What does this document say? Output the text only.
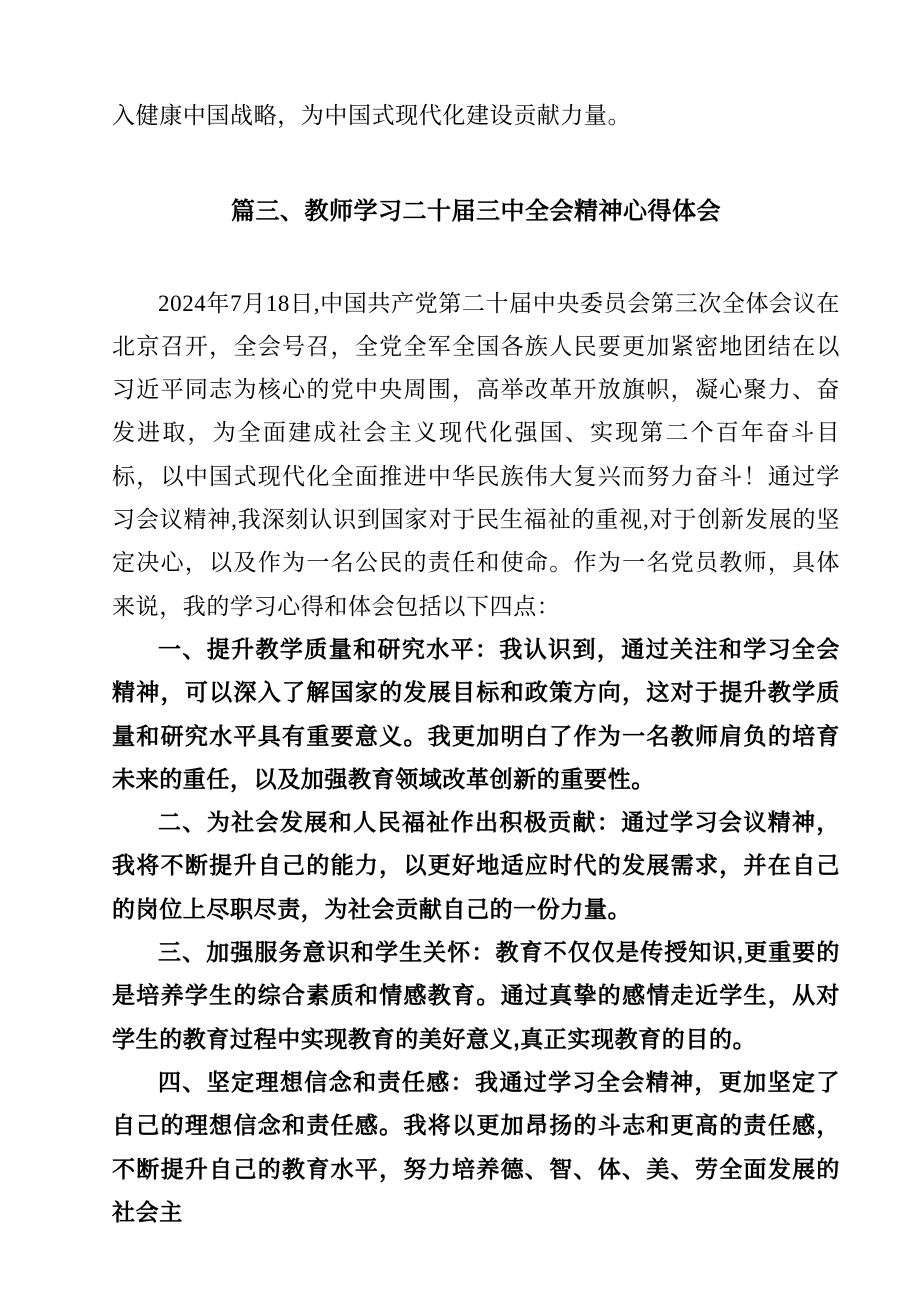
入健康中国战略，为中国式现代化建设贡献力量。

篇三、教师学习二十届三中全会精神心得体会

2024年7月18日,中国共产党第二十届中央委员会第三次全体会议在北京召开，全会号召，全党全军全国各族人民要更加紧密地团结在以习近平同志为核心的党中央周围，高举改革开放旗帜，凝心聚力、奋发进取，为全面建成社会主义现代化强国、实现第二个百年奋斗目标，以中国式现代化全面推进中华民族伟大复兴而努力奋斗！通过学习会议精神,我深刻认识到国家对于民生福祉的重视,对于创新发展的坚定决心，以及作为一名公民的责任和使命。作为一名党员教师，具体来说，我的学习心得和体会包括以下四点：

一、提升教学质量和研究水平：我认识到，通过关注和学习全会精神，可以深入了解国家的发展目标和政策方向，这对于提升教学质量和研究水平具有重要意义。我更加明白了作为一名教师肩负的培育未来的重任，以及加强教育领域改革创新的重要性。

二、为社会发展和人民福祉作出积极贡献：通过学习会议精神，我将不断提升自己的能力，以更好地适应时代的发展需求，并在自己的岗位上尽职尽责，为社会贡献自己的一份力量。

三、加强服务意识和学生关怀：教育不仅仅是传授知识,更重要的是培养学生的综合素质和情感教育。通过真挚的感情走近学生，从对学生的教育过程中实现教育的美好意义,真正实现教育的目的。

四、坚定理想信念和责任感：我通过学习全会精神，更加坚定了自己的理想信念和责任感。我将以更加昂扬的斗志和更高的责任感，不断提升自己的教育水平，努力培养德、智、体、美、劳全面发展的社会主
